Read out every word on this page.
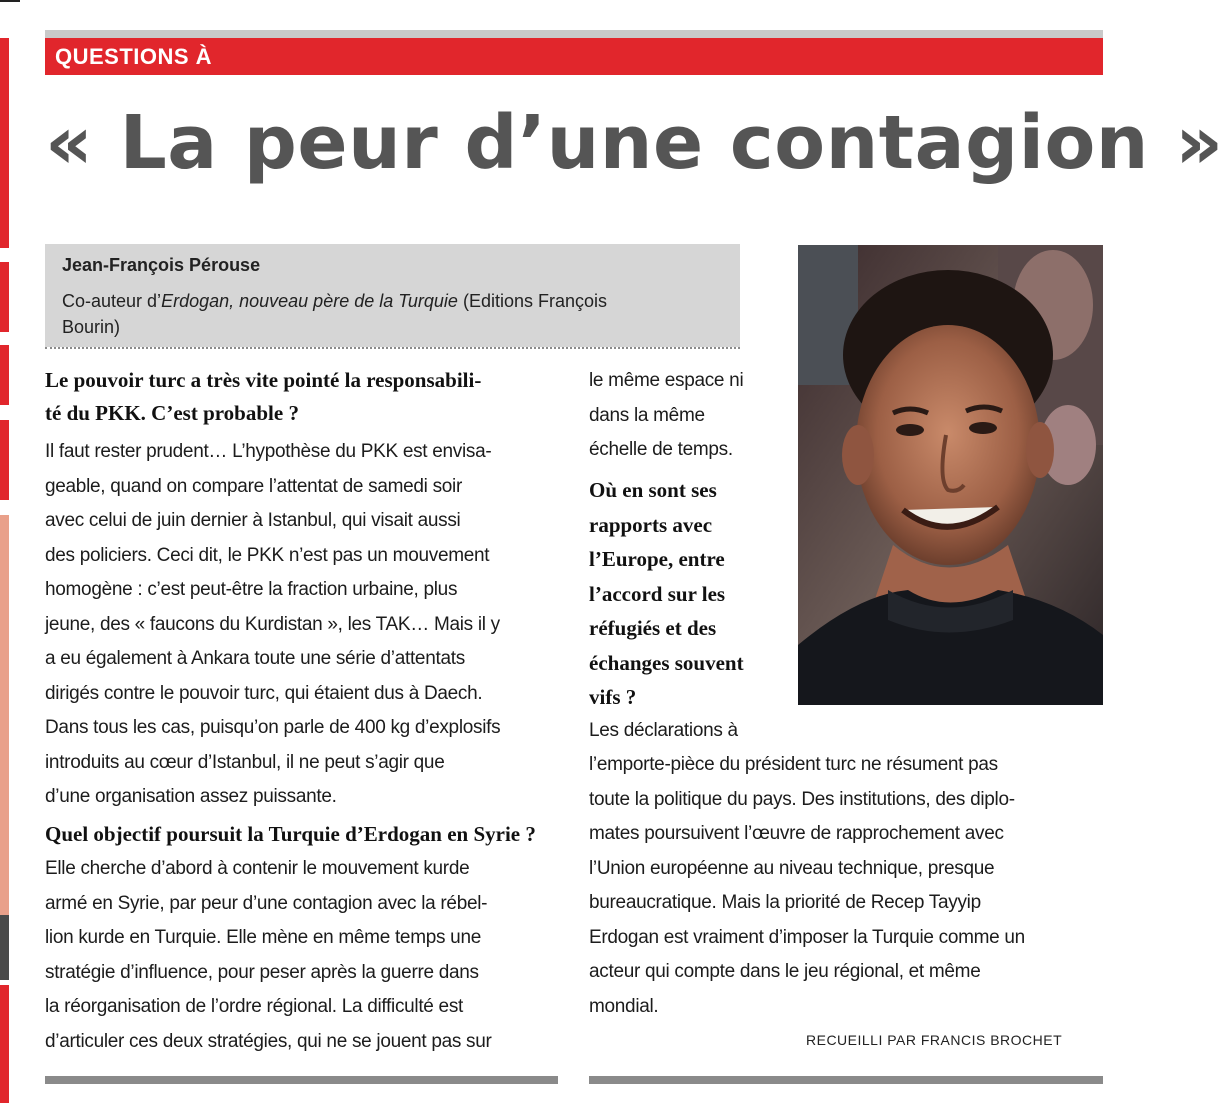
QUESTIONS À
« La peur d’une contagion »
Jean-François Pérouse
Co-auteur d’Erdogan, nouveau père de la Turquie (Editions François
Bourin)
Le pouvoir turc a très vite pointé la responsabili-
té du PKK. C’est probable ?
Il faut rester prudent… L’hypothèse du PKK est envisa-
geable, quand on compare l’attentat de samedi soir
avec celui de juin dernier à Istanbul, qui visait aussi
des policiers. Ceci dit, le PKK n’est pas un mouvement
homogène : c’est peut-être la fraction urbaine, plus
jeune, des « faucons du Kurdistan », les TAK… Mais il y
a eu également à Ankara toute une série d’attentats
dirigés contre le pouvoir turc, qui étaient dus à Daech.
Dans tous les cas, puisqu’on parle de 400 kg d’explosifs
introduits au cœur d’Istanbul, il ne peut s’agir que
d’une organisation assez puissante.
Quel objectif poursuit la Turquie d’Erdogan en Syrie ?
Elle cherche d’abord à contenir le mouvement kurde
armé en Syrie, par peur d’une contagion avec la rébel-
lion kurde en Turquie. Elle mène en même temps une
stratégie d’influence, pour peser après la guerre dans
la réorganisation de l’ordre régional. La difficulté est
d’articuler ces deux stratégies, qui ne se jouent pas sur
le même espace ni
dans la même
échelle de temps.
Où en sont ses
rapports avec
l’Europe, entre
l’accord sur les
réfugiés et des
échanges souvent
vifs ?
Les déclarations à
l’emporte-pièce du président turc ne résument pas
toute la politique du pays. Des institutions, des diplo-
mates poursuivent l’œuvre de rapprochement avec
l’Union européenne au niveau technique, presque
bureaucratique. Mais la priorité de Recep Tayyip
Erdogan est vraiment d’imposer la Turquie comme un
acteur qui compte dans le jeu régional, et même
mondial.
RECUEILLI PAR FRANCIS BROCHET
